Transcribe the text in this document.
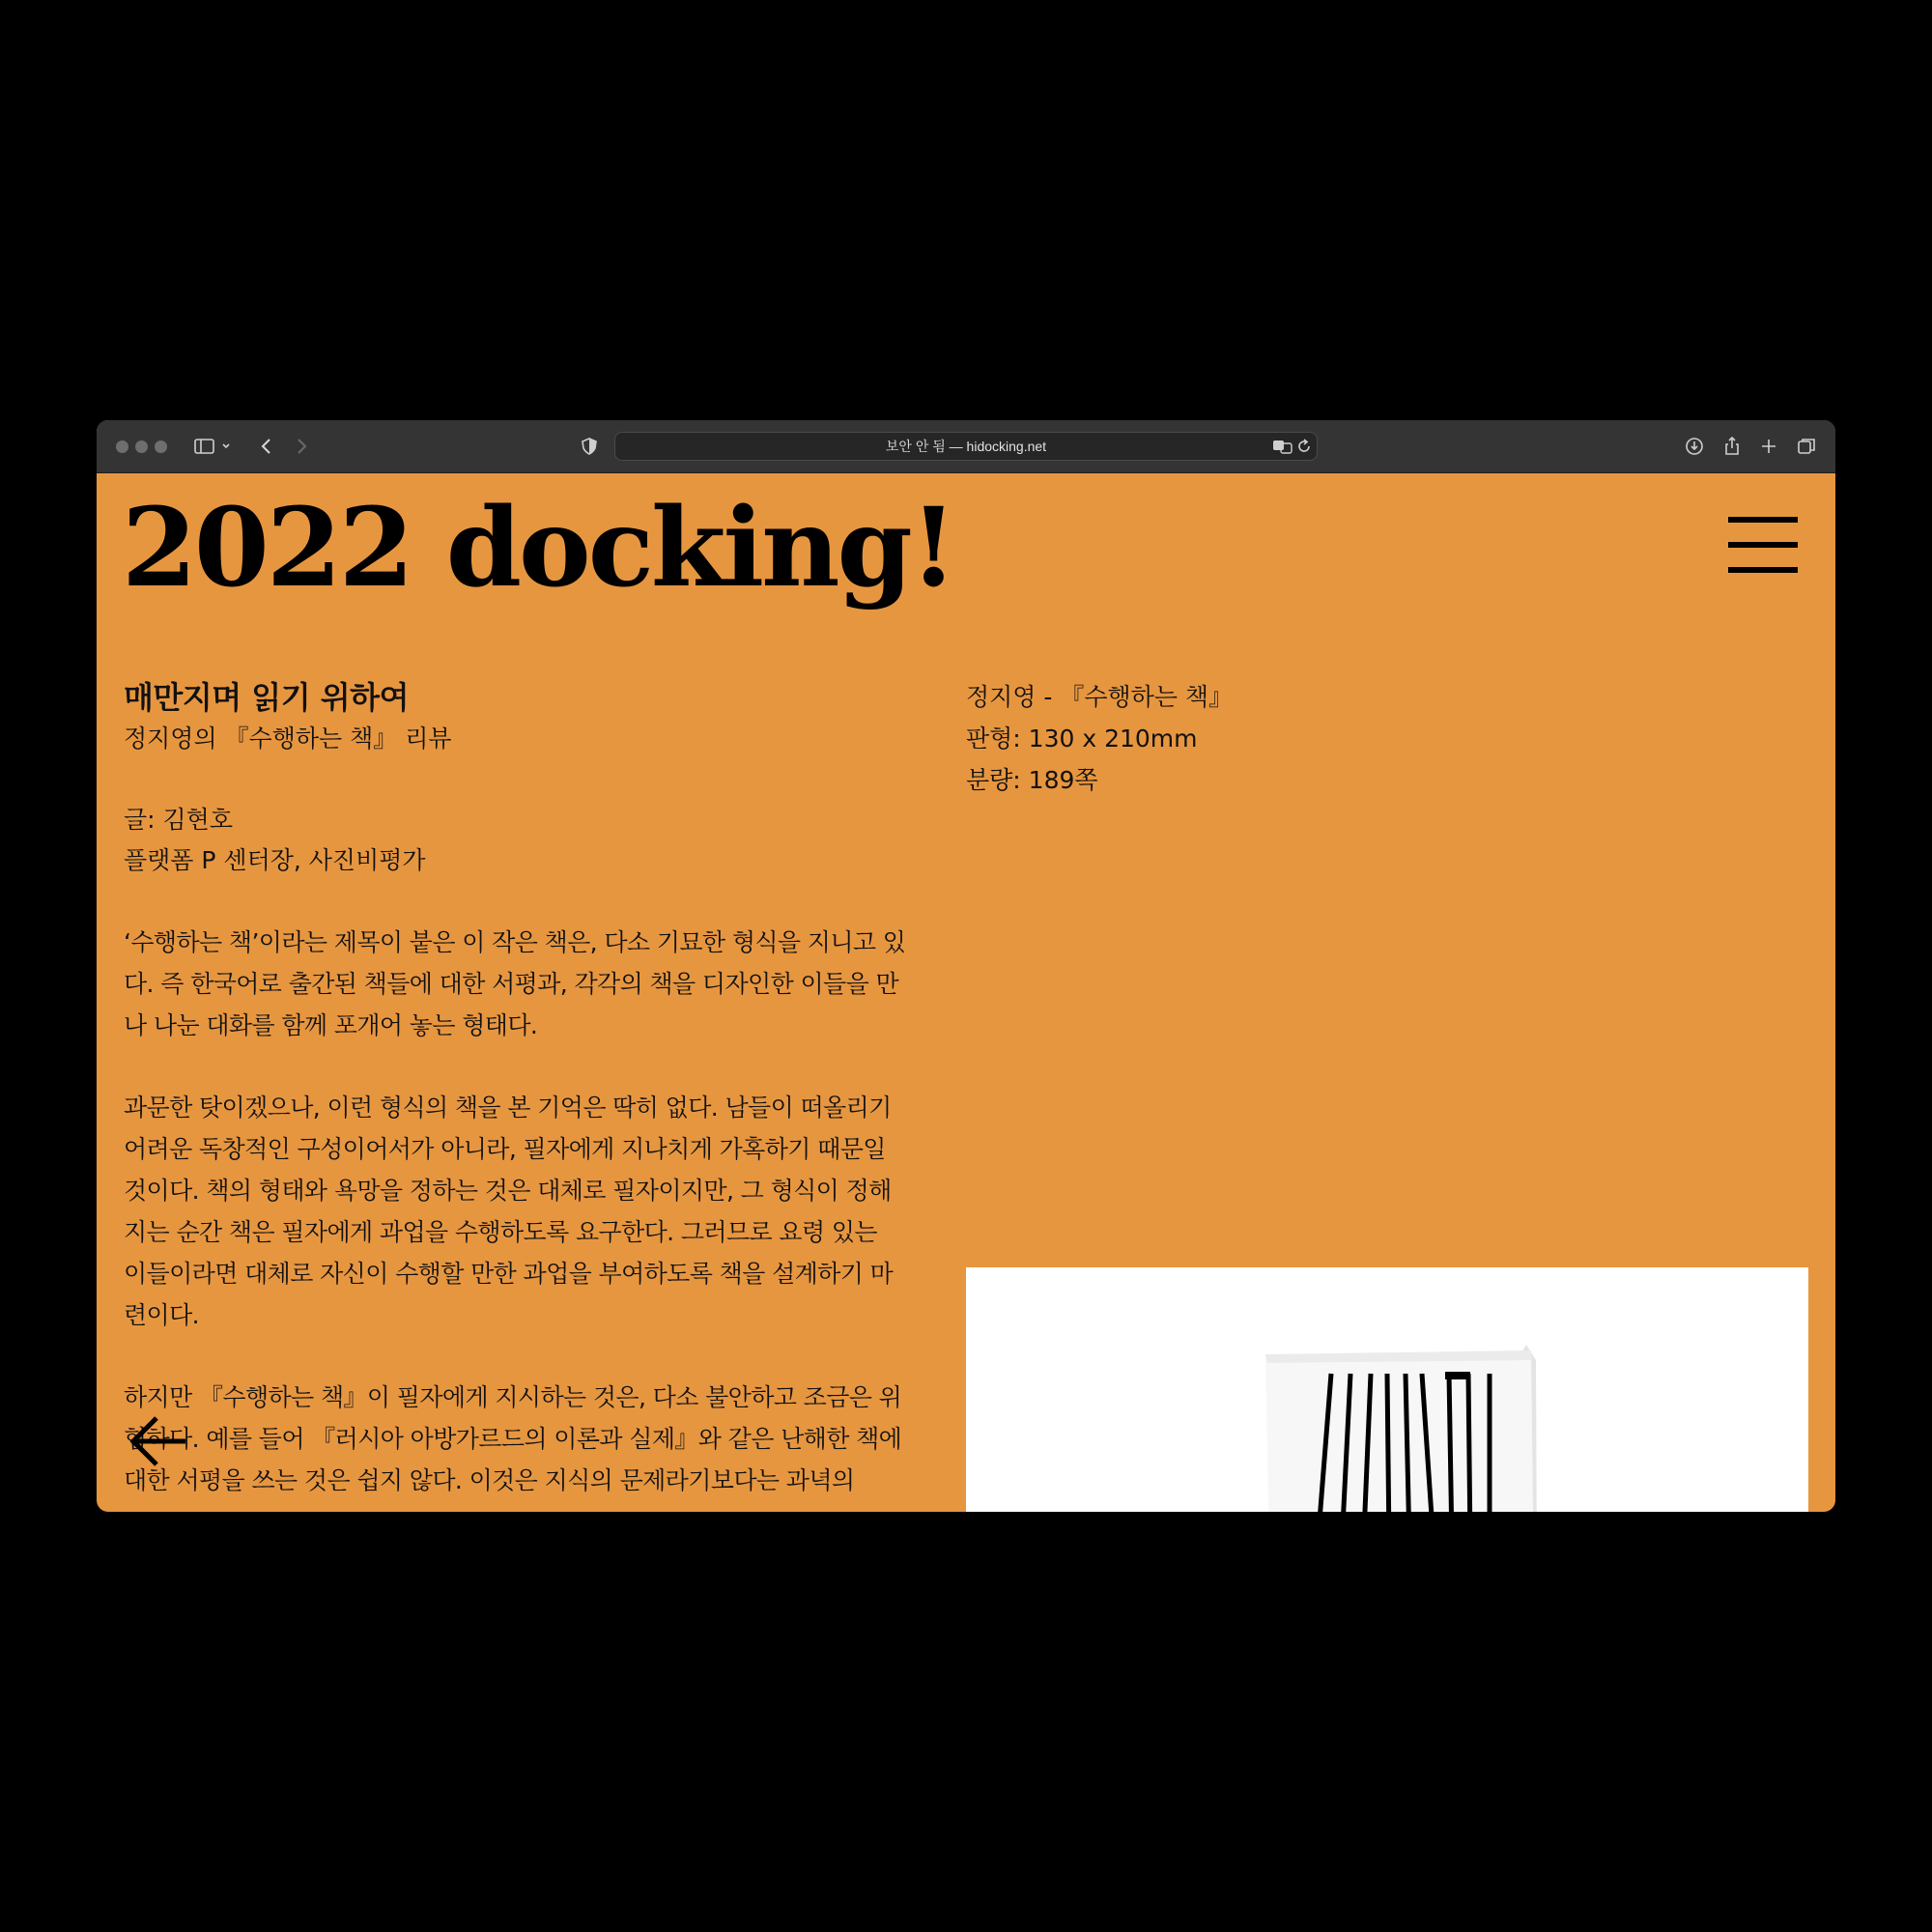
보안 안 됨 — hidocking.net
2022 docking!
매만지며 읽기 위하여

정지영의 『수행하는 책』 리뷰

글: 김현호

플랫폼 P 센터장, 사진비평가

‘수행하는 책’이라는 제목이 붙은 이 작은 책은, 다소 기묘한 형식을 지니고 있다. 즉 한국어로 출간된 책들에 대한 서평과, 각각의 책을 디자인한 이들을 만나 나눈 대화를 함께 포개어 놓는 형태다.

과문한 탓이겠으나, 이런 형식의 책을 본 기억은 딱히 없다. 남들이 떠올리기 어려운 독창적인 구성이어서가 아니라, 필자에게 지나치게 가혹하기 때문일 것이다. 책의 형태와 욕망을 정하는 것은 대체로 필자이지만, 그 형식이 정해지는 순간 책은 필자에게 과업을 수행하도록 요구한다. 그러므로 요령 있는 이들이라면 대체로 자신이 수행할 만한 과업을 부여하도록 책을 설계하기 마련이다.

하지만 『수행하는 책』이 필자에게 지시하는 것은, 다소 불안하고 조금은 위험하다. 예를 들어 『러시아 아방가르드의 이론과 실제』와 같은 난해한 책에 대한 서평을 쓰는 것은 쉽지 않다. 이것은 지식의 문제라기보다는 과녁의

정지영 - 『수행하는 책』

판형: 130 x 210mm

분량: 189쪽
